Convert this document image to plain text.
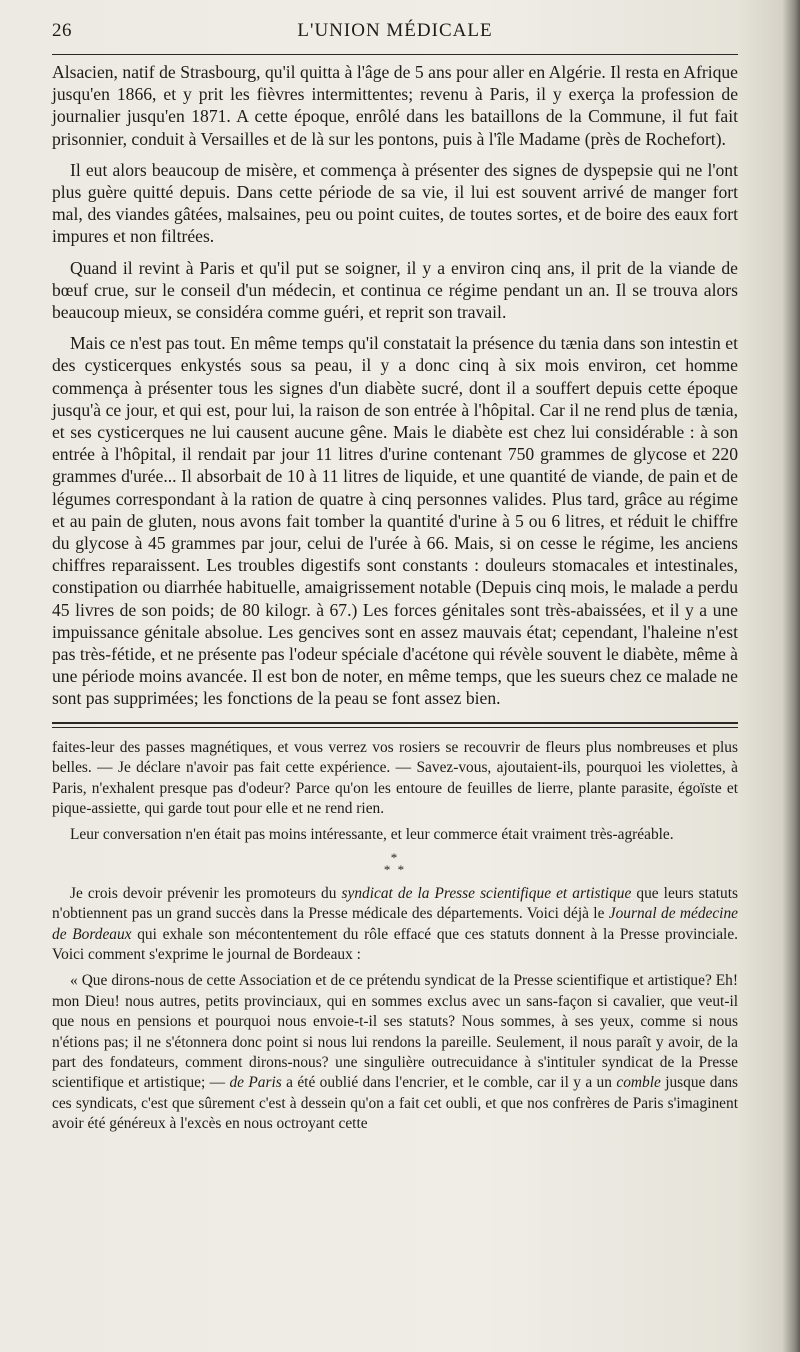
26	L'UNION MÉDICALE

Alsacien, natif de Strasbourg, qu'il quitta à l'âge de 5 ans pour aller en Algérie. Il resta en Afrique jusqu'en 1866, et y prit les fièvres intermittentes; revenu à Paris, il y exerça la profession de journalier jusqu'en 1871. A cette époque, enrôlé dans les bataillons de la Commune, il fut fait prisonnier, conduit à Versailles et de là sur les pontons, puis à l'île Madame (près de Rochefort).

Il eut alors beaucoup de misère, et commença à présenter des signes de dyspepsie qui ne l'ont plus guère quitté depuis. Dans cette période de sa vie, il lui est souvent arrivé de manger fort mal, des viandes gâtées, malsaines, peu ou point cuites, de toutes sortes, et de boire des eaux fort impures et non filtrées.

Quand il revint à Paris et qu'il put se soigner, il y a environ cinq ans, il prit de la viande de bœuf crue, sur le conseil d'un médecin, et continua ce régime pendant un an. Il se trouva alors beaucoup mieux, se considéra comme guéri, et reprit son travail.

Mais ce n'est pas tout. En même temps qu'il constatait la présence du tænia dans son intestin et des cysticerques enkystés sous sa peau, il y a donc cinq à six mois environ, cet homme commença à présenter tous les signes d'un diabète sucré, dont il a souffert depuis cette époque jusqu'à ce jour, et qui est, pour lui, la raison de son entrée à l'hôpital. Car il ne rend plus de tænia, et ses cysticerques ne lui causent aucune gêne. Mais le diabète est chez lui considérable : à son entrée à l'hôpital, il rendait par jour 11 litres d'urine contenant 750 grammes de glycose et 220 grammes d'urée... Il absorbait de 10 à 11 litres de liquide, et une quantité de viande, de pain et de légumes correspondant à la ration de quatre à cinq personnes valides. Plus tard, grâce au régime et au pain de gluten, nous avons fait tomber la quantité d'urine à 5 ou 6 litres, et réduit le chiffre du glycose à 45 grammes par jour, celui de l'urée à 66. Mais, si on cesse le régime, les anciens chiffres reparaissent. Les troubles digestifs sont constants : douleurs stomacales et intestinales, constipation ou diarrhée habituelle, amaigrissement notable (Depuis cinq mois, le malade a perdu 45 livres de son poids; de 80 kilogr. à 67.) Les forces génitales sont très-abaissées, et il y a une impuissance génitale absolue. Les gencives sont en assez mauvais état; cependant, l'haleine n'est pas très-fétide, et ne présente pas l'odeur spéciale d'acétone qui révèle souvent le diabète, même à une période moins avancée. Il est bon de noter, en même temps, que les sueurs chez ce malade ne sont pas supprimées; les fonctions de la peau se font assez bien.

faites-leur des passes magnétiques, et vous verrez vos rosiers se recouvrir de fleurs plus nombreuses et plus belles. — Je déclare n'avoir pas fait cette expérience. — Savez-vous, ajoutaient-ils, pourquoi les violettes, à Paris, n'exhalent presque pas d'odeur? Parce qu'on les entoure de feuilles de lierre, plante parasite, égoïste et pique-assiette, qui garde tout pour elle et ne rend rien.

Leur conversation n'en était pas moins intéressante, et leur commerce était vraiment très-agréable.

*
* *

Je crois devoir prévenir les promoteurs du syndicat de la Presse scientifique et artistique que leurs statuts n'obtiennent pas un grand succès dans la Presse médicale des départements. Voici déjà le Journal de médecine de Bordeaux qui exhale son mécontentement du rôle effacé que ces statuts donnent à la Presse provinciale. Voici comment s'exprime le journal de Bordeaux :

« Que dirons-nous de cette Association et de ce prétendu syndicat de la Presse scientifique et artistique? Eh! mon Dieu! nous autres, petits provinciaux, qui en sommes exclus avec un sans-façon si cavalier, que veut-il que nous en pensions et pourquoi nous envoie-t-il ses statuts? Nous sommes, à ses yeux, comme si nous n'étions pas; il ne s'étonnera donc point si nous lui rendons la pareille. Seulement, il nous paraît y avoir, de la part des fondateurs, comment dirons-nous? une singulière outrecuidance à s'intituler syndicat de la Presse scientifique et artistique; — de Paris a été oublié dans l'encrier, et le comble, car il y a un comble jusque dans ces syndicats, c'est que sûrement c'est à dessein qu'on a fait cet oubli, et que nos confrères de Paris s'imaginent avoir été généreux à l'excès en nous octroyant cette
